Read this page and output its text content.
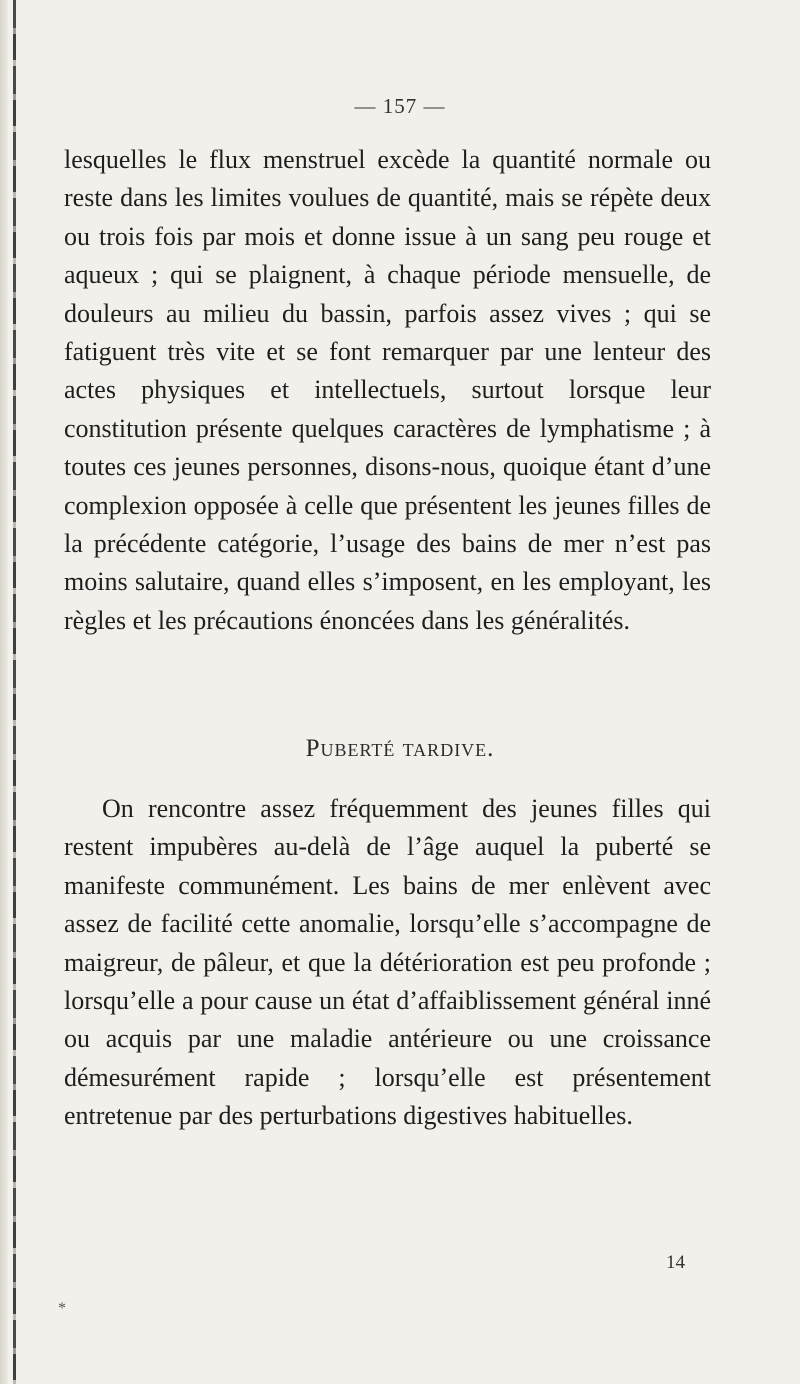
— 157 —

lesquelles le flux menstruel excède la quantité normale ou reste dans les limites voulues de quantité, mais se répète deux ou trois fois par mois et donne issue à un sang peu rouge et aqueux ; qui se plaignent, à chaque période mensuelle, de douleurs au milieu du bassin, parfois assez vives ; qui se fatiguent très vite et se font remarquer par une lenteur des actes physiques et intellectuels, surtout lorsque leur constitution présente quelques caractères de lymphatisme ; à toutes ces jeunes personnes, disons-nous, quoique étant d’une complexion opposée à celle que présentent les jeunes filles de la précédente catégorie, l’usage des bains de mer n’est pas moins salutaire, quand elles s’imposent, en les employant, les règles et les précautions énoncées dans les généralités.

Puberté tardive.

On rencontre assez fréquemment des jeunes filles qui restent impubères au-delà de l’âge auquel la puberté se manifeste communément. Les bains de mer enlèvent avec assez de facilité cette anomalie, lorsqu’elle s’accompagne de maigreur, de pâleur, et que la détérioration est peu profonde ; lorsqu’elle a pour cause un état d’affaiblissement général inné ou acquis par une maladie antérieure ou une croissance démesurément rapide ; lorsqu’elle est présentement entretenue par des perturbations digestives habituelles.

14
*
